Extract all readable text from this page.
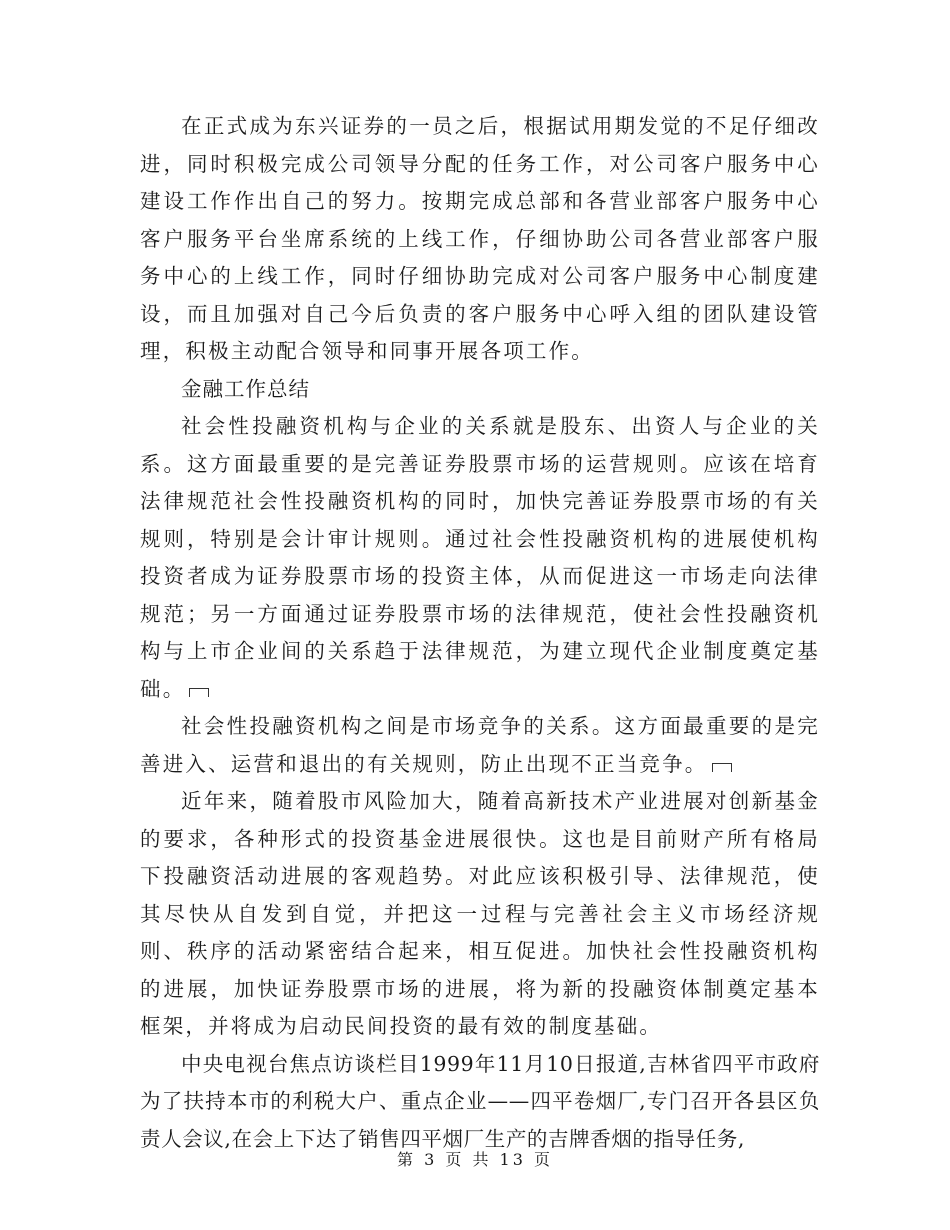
在正式成为东兴证券的一员之后，根据试用期发觉的不足仔细改进，同时积极完成公司领导分配的任务工作，对公司客户服务中心建设工作作出自己的努力。按期完成总部和各营业部客户服务中心客户服务平台坐席系统的上线工作，仔细协助公司各营业部客户服务中心的上线工作，同时仔细协助完成对公司客户服务中心制度建设，而且加强对自己今后负责的客户服务中心呼入组的团队建设管理，积极主动配合领导和同事开展各项工作。

金融工作总结

社会性投融资机构与企业的关系就是股东、出资人与企业的关系。这方面最重要的是完善证券股票市场的运营规则。应该在培育法律规范社会性投融资机构的同时，加快完善证券股票市场的有关规则，特别是会计审计规则。通过社会性投融资机构的进展使机构投资者成为证券股票市场的投资主体，从而促进这一市场走向法律规范；另一方面通过证券股票市场的法律规范，使社会性投融资机构与上市企业间的关系趋于法律规范，为建立现代企业制度奠定基础。

社会性投融资机构之间是市场竞争的关系。这方面最重要的是完善进入、运营和退出的有关规则，防止出现不正当竞争。

近年来，随着股市风险加大，随着高新技术产业进展对创新基金的要求，各种形式的投资基金进展很快。这也是目前财产所有格局下投融资活动进展的客观趋势。对此应该积极引导、法律规范，使其尽快从自发到自觉，并把这一过程与完善社会主义市场经济规则、秩序的活动紧密结合起来，相互促进。加快社会性投融资机构的进展，加快证券股票市场的进展，将为新的投融资体制奠定基本框架，并将成为启动民间投资的最有效的制度基础。

中央电视台焦点访谈栏目1999年11月10日报道,吉林省四平市政府为了扶持本市的利税大户、重点企业——四平卷烟厂,专门召开各县区负责人会议,在会上下达了销售四平烟厂生产的吉牌香烟的指导任务,

第 3 页 共 13 页
